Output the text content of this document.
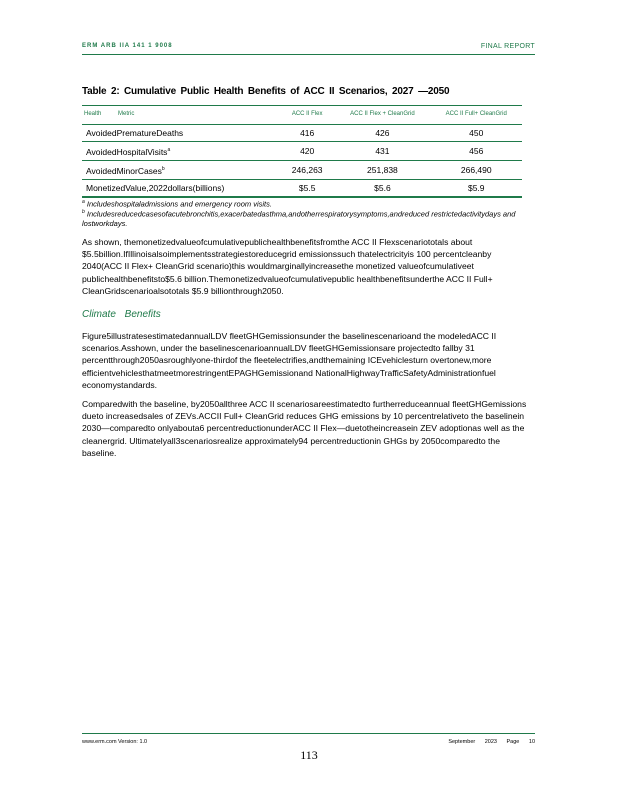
ERM ARB IIA 141 1 9008	FINAL REPORT
Table 2: Cumulative Public Health Benefits of ACC II Scenarios, 2027 —2050
Health	Metric	ACC II Flex	ACC II Flex + CleanGrid	ACC II Full+ CleanGrid
AvoidedPrematureDeaths		416	426	450
AvoidedHospitalVisits$^a$		420	431	456
AvoidedMinorCases$^b$		246,263	251,838	266,490
MonetizedValue,2022dollars(billions)		$5.5	$5.6	$5.9
$^a$ Includeshospitaladmissions and emergency room visits.
$^b$ Includesreducedcasesofacutebronchitis,exacerbatedasthma,andotherrespiratorysymptoms,andreduced restrictedactivitydays and lostworkdays.
As shown, themonetizedvalueofcumulativepublichealthbenefitsfromthe ACC II Flexscenariototals about $5.5billion.IfIllinoisalsoimplementsstrategiestoreducegrid emissionssuch thatelectricityis 100 percentcleanby 2040(ACC II Flex+ CleanGrid scenario)this wouldmarginallyincreasethe monetized valueofcumulativeet publichealthbenefitsto$5.6 billion.Themonetizedvalueofcumulativepublic healthbenefitsunderthe ACC II Full+ CleanGridscenarioalsototals $5.9 billionthrough2050.
Climate Benefits
Figure5illustratesestimatedannualLDV fleetGHGemissionsunder the baselinescenarioand the modeledACC II scenarios.Asshown, under the baselinescenarioannualLDV fleetGHGemissionsare projectedto fallby 31 percentthrough2050asroughlyone-thirdof the fleetelectrifies,andthemaining ICEvehiclesturn overtonew,more efficientvehiclesthatmeetmorestringentEPAGHGemissionand NationalHighwayTrafficSafetyAdministrationfuel economystandards.
Comparedwith the baseline, by2050allthree ACC II scenariosareestimatedto furtherreduceannual fleetGHGemissions dueto increasedsales of ZEVs.ACCII Full+ CleanGrid reduces GHG emissions by 10 percentrelativeto the baselinein 2030—comparedto onlyabouta6 percentreductionunderACC II Flex—duetotheincreasein ZEV adoptionas well as the cleanergrid. Ultimatelyall3scenariosrealize approximately94 percentreductionin GHGs by 2050comparedto the baseline.
www.erm.com Version: 1.0	September 2023 Page 10
113
